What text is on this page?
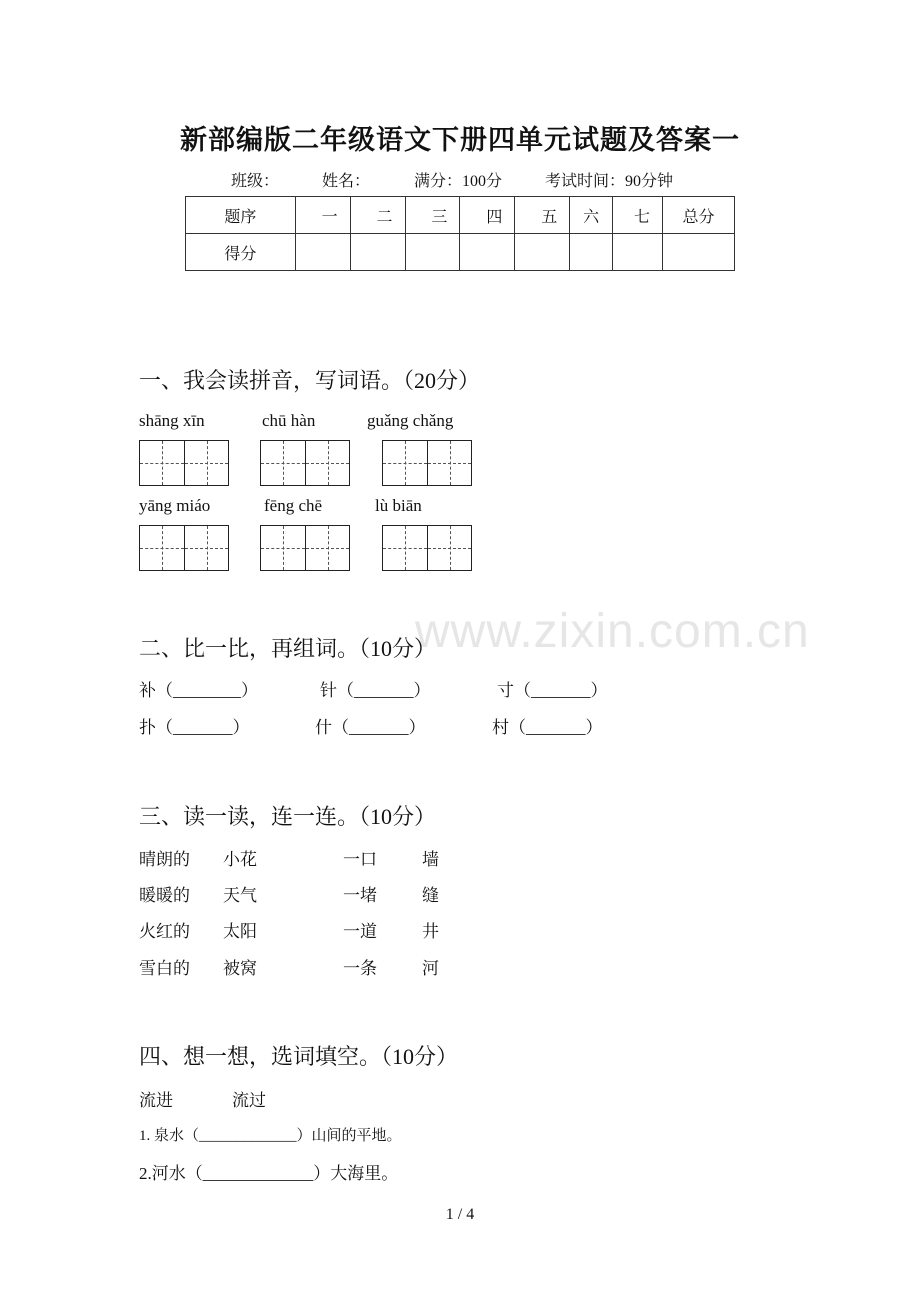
新部编版二年级语文下册四单元试题及答案一
班级：	姓名：	满分：100分	考试时间：90分钟
题序	一	二	三	四	五	六	七	总分
得分								
一、我会读拼音，写词语。（20分）
shāng xīn	chū hàn	guǎng chǎng
yāng miáo	fēng chē	lù biān
www.zixin.com.cn
二、比一比，再组词。（10分）
补（________）	针（_______）	寸（_______）
扑（_______）	什（_______）	村（_______）
三、读一读，连一连。（10分）
晴朗的 小花	一口	墙
暖暖的 天气	一堵	缝
火红的 太阳	一道	井
雪白的 被窝	一条	河
四、想一想，选词填空。（10分）
流进	流过
1. 泉水（_____________）山间的平地。
2.河水（_____________）大海里。
1 / 4
